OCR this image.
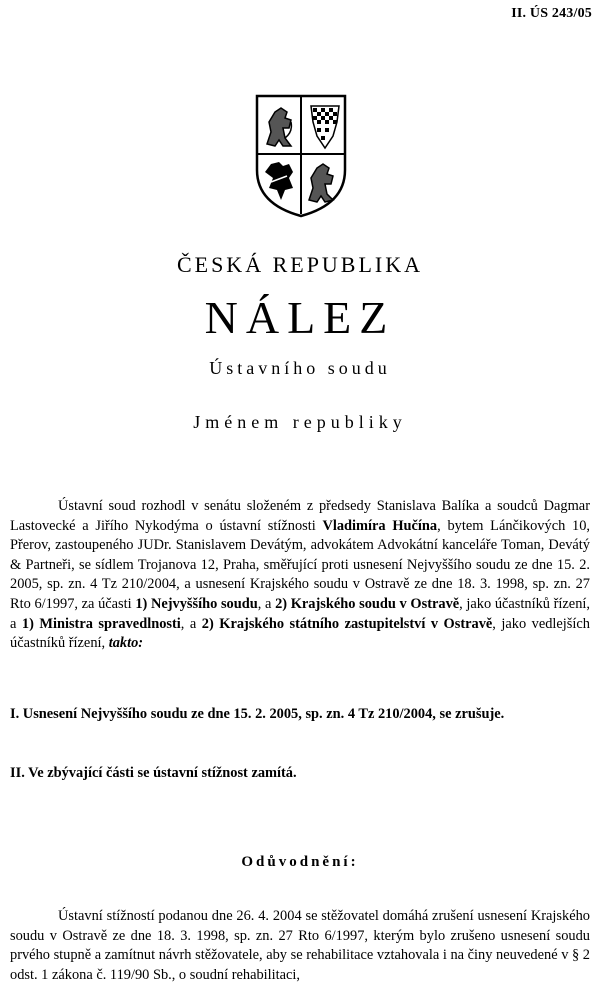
II. ÚS 243/05
ČESKÁ REPUBLIKA
NÁLEZ
Ústavního soudu
Jménem republiky

Ústavní soud rozhodl v senátu složeném z předsedy Stanislava Balíka a soudců Dagmar Lastovecké a Jiřího Nykodýma o ústavní stížnosti Vladimíra Hučína, bytem Lánčikových 10, Přerov, zastoupeného JUDr. Stanislavem Devátým, advokátem Advokátní kanceláře Toman, Devátý & Partneři, se sídlem Trojanova 12, Praha, směřující proti usnesení Nejvyššího soudu ze dne 15. 2. 2005, sp. zn. 4 Tz 210/2004, a usnesení Krajského soudu v Ostravě ze dne 18. 3. 1998, sp. zn. 27 Rto 6/1997, za účasti 1) Nejvyššího soudu, a 2) Krajského soudu v Ostravě, jako účastníků řízení, a 1) Ministra spravedlnosti, a 2) Krajského státního zastupitelství v Ostravě, jako vedlejších účastníků řízení, takto:

I. Usnesení Nejvyššího soudu ze dne 15. 2. 2005, sp. zn. 4 Tz 210/2004, se zrušuje.
II. Ve zbývající části se ústavní stížnost zamítá.
Odůvodnění:

Ústavní stížností podanou dne 26. 4. 2004 se stěžovatel domáhá zrušení usnesení Krajského soudu v Ostravě ze dne 18. 3. 1998, sp. zn. 27 Rto 6/1997, kterým bylo zrušeno usnesení soudu prvého stupně a zamítnut návrh stěžovatele, aby se rehabilitace vztahovala i na činy neuvedené v § 2 odst. 1 zákona č. 119/90 Sb., o soudní rehabilitaci,
